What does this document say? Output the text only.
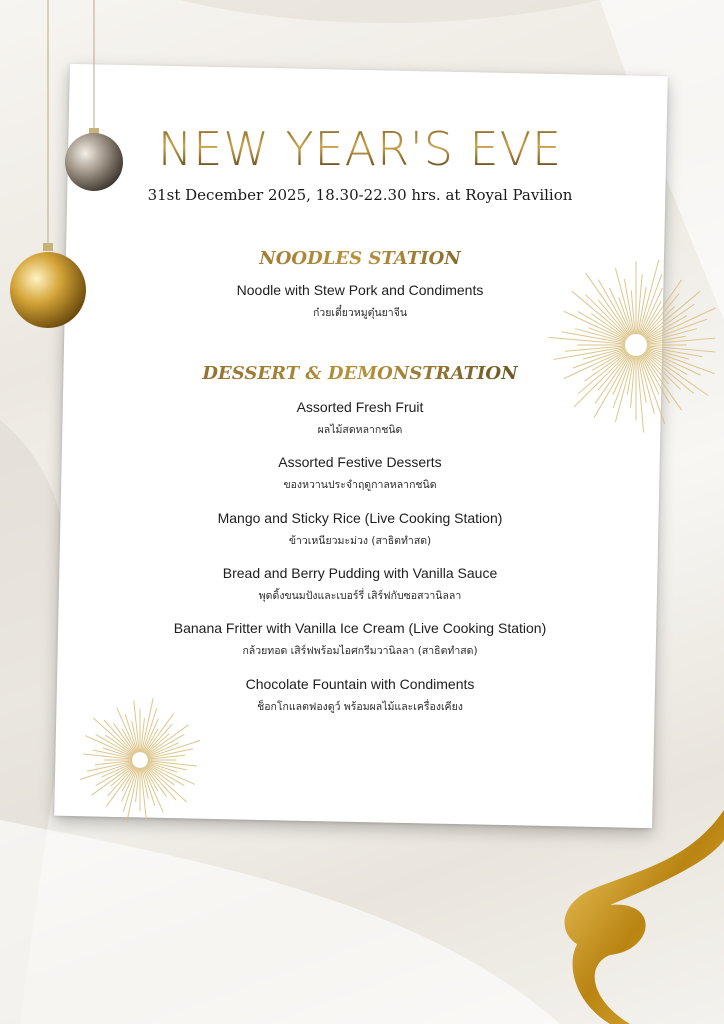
NEW YEAR'S EVE
31st December 2025, 18.30-22.30 hrs. at Royal Pavilion
NOODLES STATION
Noodle with Stew Pork and Condiments
ก๋วยเตี๋ยวหมูตุ๋นยาจีน
DESSERT & DEMONSTRATION
Assorted Fresh Fruit
ผลไม้สดหลากชนิด
Assorted Festive Desserts
ของหวานประจำฤดูกาลหลากชนิด
Mango and Sticky Rice (Live Cooking Station)
ข้าวเหนียวมะม่วง (สาธิตทำสด)
Bread and Berry Pudding with Vanilla Sauce
พุดดิ้งขนมปังและเบอร์รี่ เสิร์ฟกับซอสวานิลลา
Banana Fritter with Vanilla Ice Cream (Live Cooking Station)
กล้วยทอด เสิร์ฟพร้อมไอศกรีมวานิลลา (สาธิตทำสด)
Chocolate Fountain with Condiments
ช็อกโกแลตฟองดูว์ พร้อมผลไม้และเครื่องเคียง
